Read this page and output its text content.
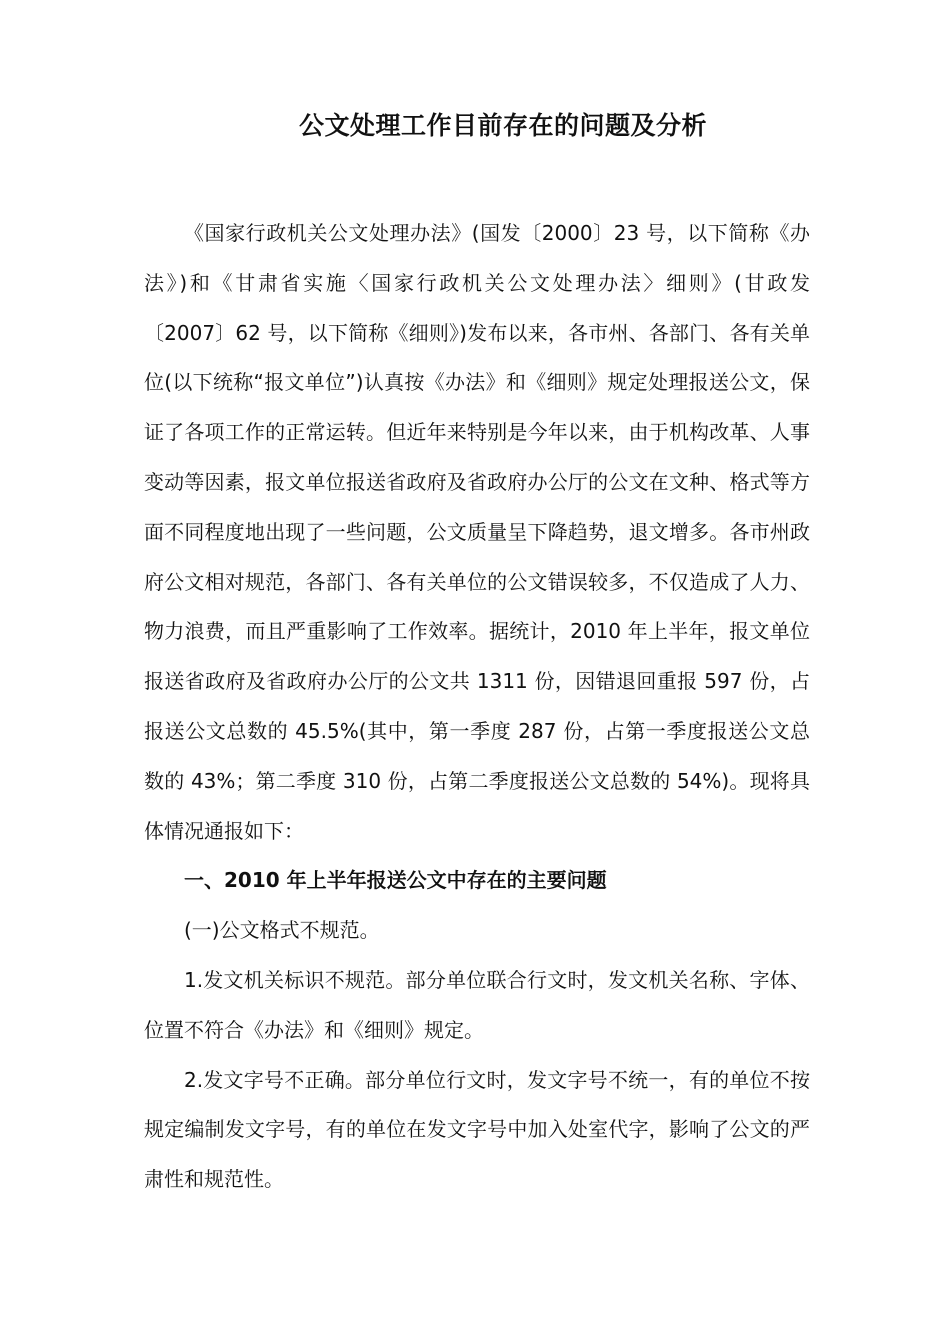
公文处理工作目前存在的问题及分析

《国家行政机关公文处理办法》(国发〔2000〕23 号，以下简称《办法》)和《甘肃省实施〈国家行政机关公文处理办法〉细则》(甘政发〔2007〕62 号，以下简称《细则》)发布以来，各市州、各部门、各有关单位(以下统称“报文单位”)认真按《办法》和《细则》规定处理报送公文，保证了各项工作的正常运转。但近年来特别是今年以来，由于机构改革、人事变动等因素，报文单位报送省政府及省政府办公厅的公文在文种、格式等方面不同程度地出现了一些问题，公文质量呈下降趋势，退文增多。各市州政府公文相对规范，各部门、各有关单位的公文错误较多，不仅造成了人力、物力浪费，而且严重影响了工作效率。据统计，2010 年上半年，报文单位报送省政府及省政府办公厅的公文共 1311 份，因错退回重报 597 份，占报送公文总数的 45.5%(其中，第一季度 287 份，占第一季度报送公文总数的 43%；第二季度 310 份，占第二季度报送公文总数的 54%)。现将具体情况通报如下：

一、2010 年上半年报送公文中存在的主要问题

(一)公文格式不规范。

1.发文机关标识不规范。部分单位联合行文时，发文机关名称、字体、位置不符合《办法》和《细则》规定。

2.发文字号不正确。部分单位行文时，发文字号不统一，有的单位不按规定编制发文字号，有的单位在发文字号中加入处室代字，影响了公文的严肃性和规范性。
